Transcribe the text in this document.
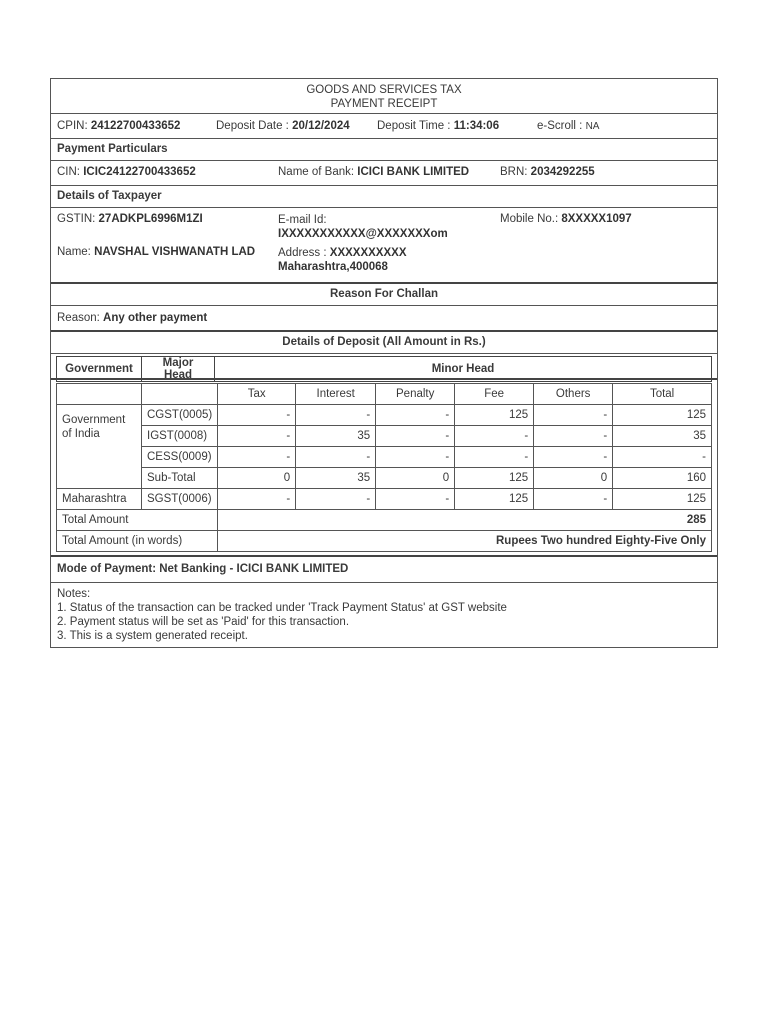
GOODS AND SERVICES TAX
PAYMENT RECEIPT
CPIN: 24122700433652	Deposit Date : 20/12/2024 Deposit Time : 11:34:06	e-Scroll : NA
Payment Particulars
CIN: ICIC24122700433652	Name of Bank: ICICI BANK LIMITED	BRN: 2034292255
Details of Taxpayer
GSTIN: 27ADKPL6996M1ZI	E-mail Id:
IXXXXXXXXXXX@XXXXXXXom
Mobile No.: 8XXXXX1097
Name: NAVSHAL VISHWANATH LAD Address : XXXXXXXXXX
Maharashtra,400068
Reason For Challan
Reason: Any other payment
Details of Deposit (All Amount in Rs.)
Government	Major Head	Minor Head
		Tax	Interest	Penalty	Fee	Others	Total
Government of India	CGST(0005)	-	-	-	125	-	125
	IGST(0008)	-	35	-	-	-	35
	CESS(0009)	-	-	-	-	-	-
	Sub-Total	0	35	0	125	0	160
Maharashtra	SGST(0006)	-	-	-	125	-	125
Total Amount		285					
Total Amount (in words)		Rupees Two hundred Eighty-Five Only					
Mode of Payment: Net Banking - ICICI BANK LIMITED
Notes:
1. Status of the transaction can be tracked under 'Track Payment Status' at GST website
2. Payment status will be set as 'Paid' for this transaction.
3. This is a system generated receipt.
